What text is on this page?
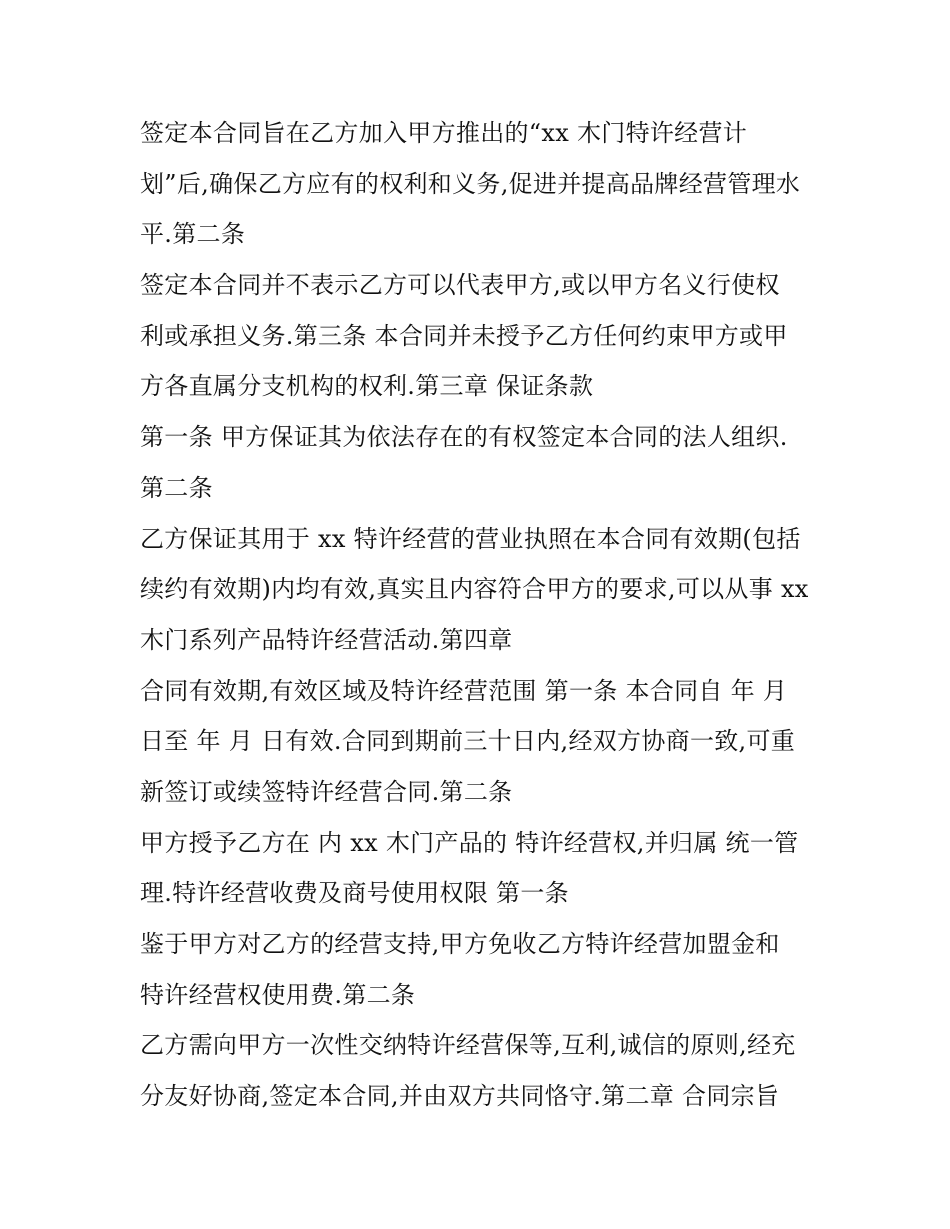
签定本合同旨在乙方加入甲方推出的“xx 木门特许经营计
划”后,确保乙方应有的权利和义务,促进并提高品牌经营管理水
平.第二条
签定本合同并不表示乙方可以代表甲方,或以甲方名义行使权
利或承担义务.第三条 本合同并未授予乙方任何约束甲方或甲
方各直属分支机构的权利.第三章 保证条款
第一条 甲方保证其为依法存在的有权签定本合同的法人组织.
第二条
乙方保证其用于 xx 特许经营的营业执照在本合同有效期(包括
续约有效期)内均有效,真实且内容符合甲方的要求,可以从事 xx
木门系列产品特许经营活动.第四章
合同有效期,有效区域及特许经营范围 第一条 本合同自 年 月
日至 年 月 日有效.合同到期前三十日内,经双方协商一致,可重
新签订或续签特许经营合同.第二条
甲方授予乙方在 内 xx 木门产品的 特许经营权,并归属 统一管
理.特许经营收费及商号使用权限 第一条
鉴于甲方对乙方的经营支持,甲方免收乙方特许经营加盟金和
特许经营权使用费.第二条
乙方需向甲方一次性交纳特许经营保等,互利,诚信的原则,经充
分友好协商,签定本合同,并由双方共同恪守.第二章 合同宗旨
